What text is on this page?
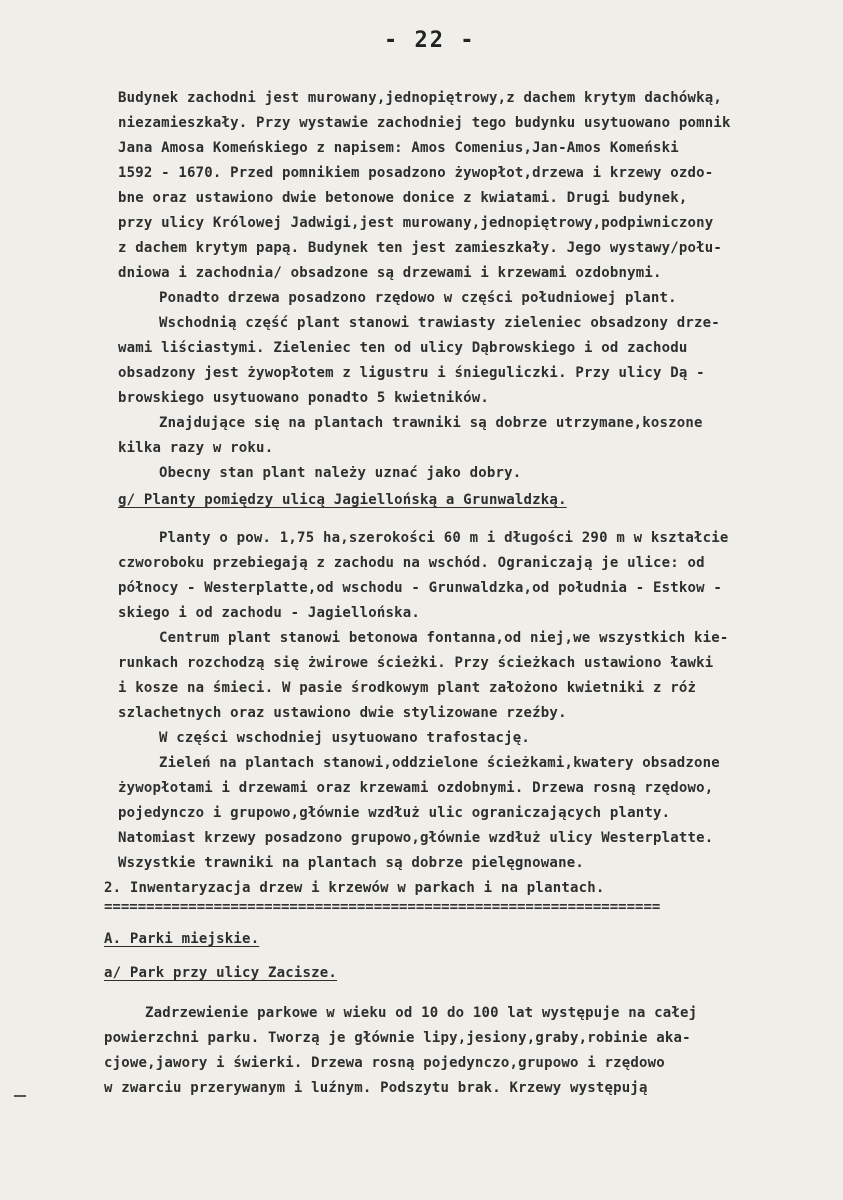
- 22 -
Budynek zachodni jest murowany,jednopiętrowy,z dachem krytym dachówką,
niezamieszkały. Przy wystawie zachodniej tego budynku usytuowano pomnik
Jana Amosa Komeńskiego z napisem: Amos Comenius,Jan-Amos Komeński
1592 - 1670. Przed pomnikiem posadzono żywopłot,drzewa i krzewy ozdo-
bne oraz ustawiono dwie betonowe donice z kwiatami. Drugi budynek,
przy ulicy Królowej Jadwigi,jest murowany,jednopiętrowy,podpiwniczony
z dachem krytym papą. Budynek ten jest zamieszkały. Jego wystawy/połu-
dniowa i zachodnia/ obsadzone są drzewami i krzewami ozdobnymi.
Ponadto drzewa posadzono rzędowo w części południowej plant.
Wschodnią część plant stanowi trawiasty zieleniec obsadzony drze-
wami liściastymi. Zieleniec ten od ulicy Dąbrowskiego i od zachodu
obsadzony jest żywopłotem z ligustru i śnieguliczki. Przy ulicy Dą -
browskiego usytuowano ponadto 5 kwietników.
Znajdujące się na plantach trawniki są dobrze utrzymane,koszone
kilka razy w roku.
Obecny stan plant należy uznać jako dobry.
g/ Planty pomiędzy ulicą Jagiellońską a Grunwaldzką.
Planty o pow. 1,75 ha,szerokości 60 m i długości 290 m w kształcie
czworoboku przebiegają z zachodu na wschód. Ograniczają je ulice: od
północy - Westerplatte,od wschodu - Grunwaldzka,od południa - Estkow -
skiego i od zachodu - Jagiellońska.
Centrum plant stanowi betonowa fontanna,od niej,we wszystkich kie-
runkach rozchodzą się żwirowe ścieżki. Przy ścieżkach ustawiono ławki
i kosze na śmieci. W pasie środkowym plant założono kwietniki z róż
szlachetnych oraz ustawiono dwie stylizowane rzeźby.
W części wschodniej usytuowano trafostację.
Zieleń na plantach stanowi,oddzielone ścieżkami,kwatery obsadzone
żywopłotami i drzewami oraz krzewami ozdobnymi. Drzewa rosną rzędowo,
pojedynczo i grupowo,głównie wzdłuż ulic ograniczających planty.
Natomiast krzewy posadzono grupowo,głównie wzdłuż ulicy Westerplatte.
Wszystkie trawniki na plantach są dobrze pielęgnowane.
2. Inwentaryzacja drzew i krzewów w parkach i na plantach.
==================================================================
A. Parki miejskie.
a/ Park przy ulicy Zacisze.
Zadrzewienie parkowe w wieku od 10 do 100 lat występuje na całej
powierzchni parku. Tworzą je głównie lipy,jesiony,graby,robinie aka-
cjowe,jawory i świerki. Drzewa rosną pojedynczo,grupowo i rzędowo
w zwarciu przerywanym i luźnym. Podszytu brak. Krzewy występują
